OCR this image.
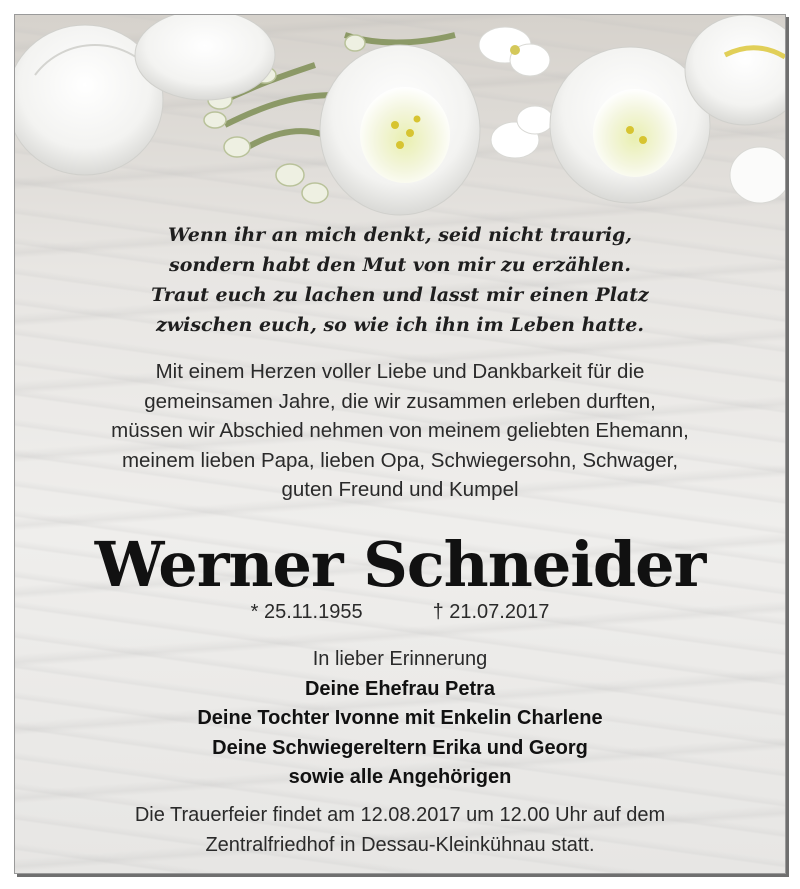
Wenn ihr an mich denkt, seid nicht traurig,
sondern habt den Mut von mir zu erzählen.
Traut euch zu lachen und lasst mir einen Platz
zwischen euch, so wie ich ihn im Leben hatte.
Mit einem Herzen voller Liebe und Dankbarkeit für die
gemeinsamen Jahre, die wir zusammen erleben durften,
müssen wir Abschied nehmen von meinem geliebten Ehemann,
meinem lieben Papa, lieben Opa, Schwiegersohn, Schwager,
guten Freund und Kumpel
Werner Schneider
* 25.11.1955	† 21.07.2017
In lieber Erinnerung
Deine Ehefrau Petra
Deine Tochter Ivonne mit Enkelin Charlene
Deine Schwiegereltern Erika und Georg
sowie alle Angehörigen
Die Trauerfeier findet am 12.08.2017 um 12.00 Uhr auf dem
Zentralfriedhof in Dessau-Kleinkühnau statt.
